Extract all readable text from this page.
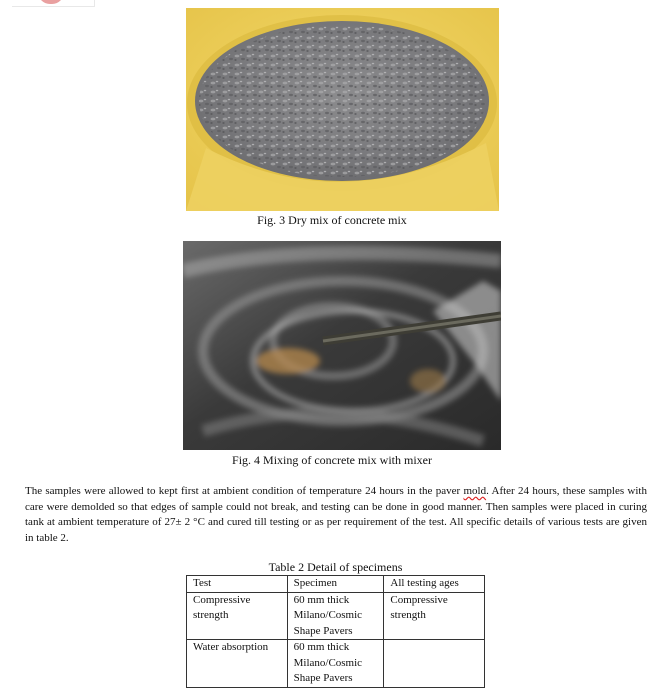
Fig. 3 Dry mix of concrete mix
Fig. 4 Mixing of concrete mix with mixer

The samples were allowed to kept first at ambient condition of temperature 24 hours in the paver mold. After 24 hours, these samples with care were demolded so that edges of sample could not break, and testing can be done in good manner. Then samples were placed in curing tank at ambient temperature of 27± 2 °C and cured till testing or as per requirement of the test. All specific details of various tests are given in table 2.

Table 2 Detail of specimens
Test	Specimen	All testing ages
Compressive strength	60 mm thick Milano/Cosmic Shape Pavers	Compressive strength
Water absorption	60 mm thick Milano/Cosmic Shape Pavers	
